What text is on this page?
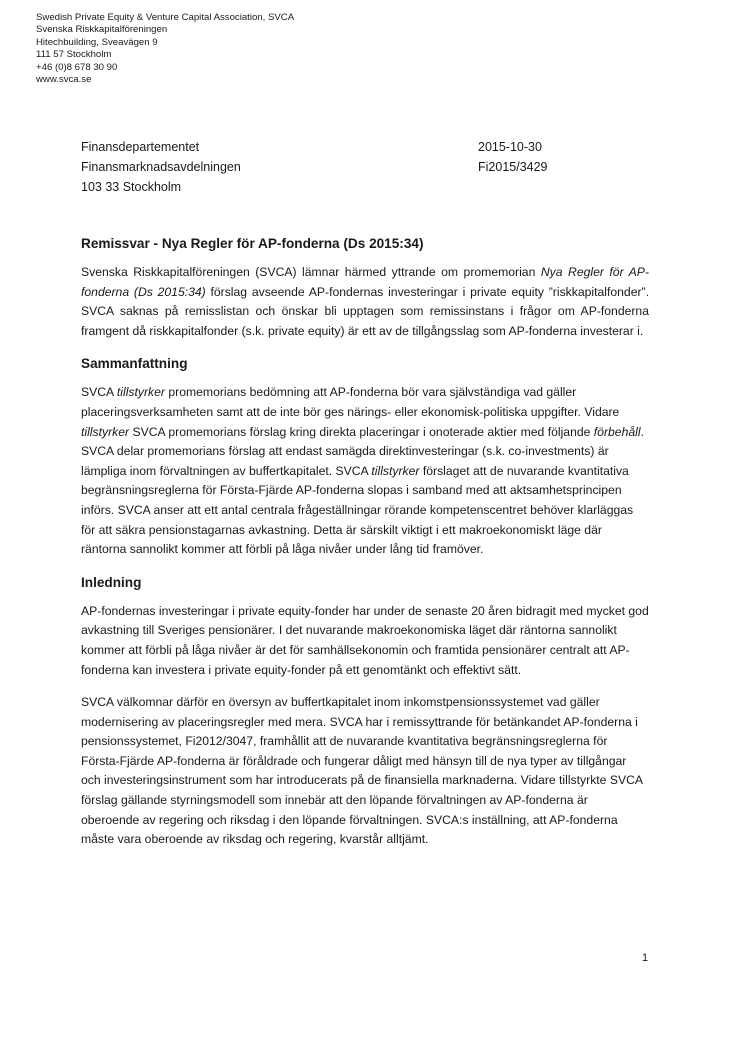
Swedish Private Equity & Venture Capital Association, SVCA
Svenska Riskkapitalföreningen
Hitechbuilding, Sveavägen 9
111 57 Stockholm
+46 (0)8 678 30 90
www.svca.se
Finansdepartementet
Finansmarknadsavdelningen
103 33 Stockholm
2015-10-30
Fi2015/3429
Remissvar - Nya Regler för AP-fonderna (Ds 2015:34)

Svenska Riskkapitalföreningen (SVCA) lämnar härmed yttrande om promemorian Nya Regler för AP-fonderna (Ds 2015:34) förslag avseende AP-fondernas investeringar i private equity ”riskkapitalfonder”. SVCA saknas på remisslistan och önskar bli upptagen som remissinstans i frågor om AP-fonderna framgent då riskkapitalfonder (s.k. private equity) är ett av de tillgångsslag som AP-fonderna investerar i.

Sammanfattning

SVCA tillstyrker promemorians bedömning att AP-fonderna bör vara självständiga vad gäller placeringsverksamheten samt att de inte bör ges närings- eller ekonomisk-politiska uppgifter. Vidare tillstyrker SVCA promemorians förslag kring direkta placeringar i onoterade aktier med följande förbehåll. SVCA delar promemorians förslag att endast samägda direktinvesteringar (s.k. co-investments) är lämpliga inom förvaltningen av buffertkapitalet. SVCA tillstyrker förslaget att de nuvarande kvantitativa begränsningsreglerna för Första-Fjärde AP-fonderna slopas i samband med att aktsamhetsprincipen införs. SVCA anser att ett antal centrala frågeställningar rörande kompetenscentret behöver klarläggas för att säkra pensionstagarnas avkastning. Detta är särskilt viktigt i ett makroekonomiskt läge där räntorna sannolikt kommer att förbli på låga nivåer under lång tid framöver.

Inledning

AP-fondernas investeringar i private equity-fonder har under de senaste 20 åren bidragit med mycket god avkastning till Sveriges pensionärer. I det nuvarande makroekonomiska läget där räntorna sannolikt kommer att förbli på låga nivåer är det för samhällsekonomin och framtida pensionärer centralt att AP-fonderna kan investera i private equity-fonder på ett genomtänkt och effektivt sätt.

SVCA välkomnar därför en översyn av buffertkapitalet inom inkomstpensionssystemet vad gäller modernisering av placeringsregler med mera. SVCA har i remissyttrande för betänkandet AP-fonderna i pensionssystemet, Fi2012/3047, framhållit att de nuvarande kvantitativa begränsningsreglerna för Första-Fjärde AP-fonderna är föråldrade och fungerar dåligt med hänsyn till de nya typer av tillgångar och investeringsinstrument som har introducerats på de finansiella marknaderna. Vidare tillstyrkte SVCA förslag gällande styrningsmodell som innebär att den löpande förvaltningen av AP-fonderna är oberoende av regering och riksdag i den löpande förvaltningen. SVCA:s inställning, att AP-fonderna måste vara oberoende av riksdag och regering, kvarstår alltjämt.

1
